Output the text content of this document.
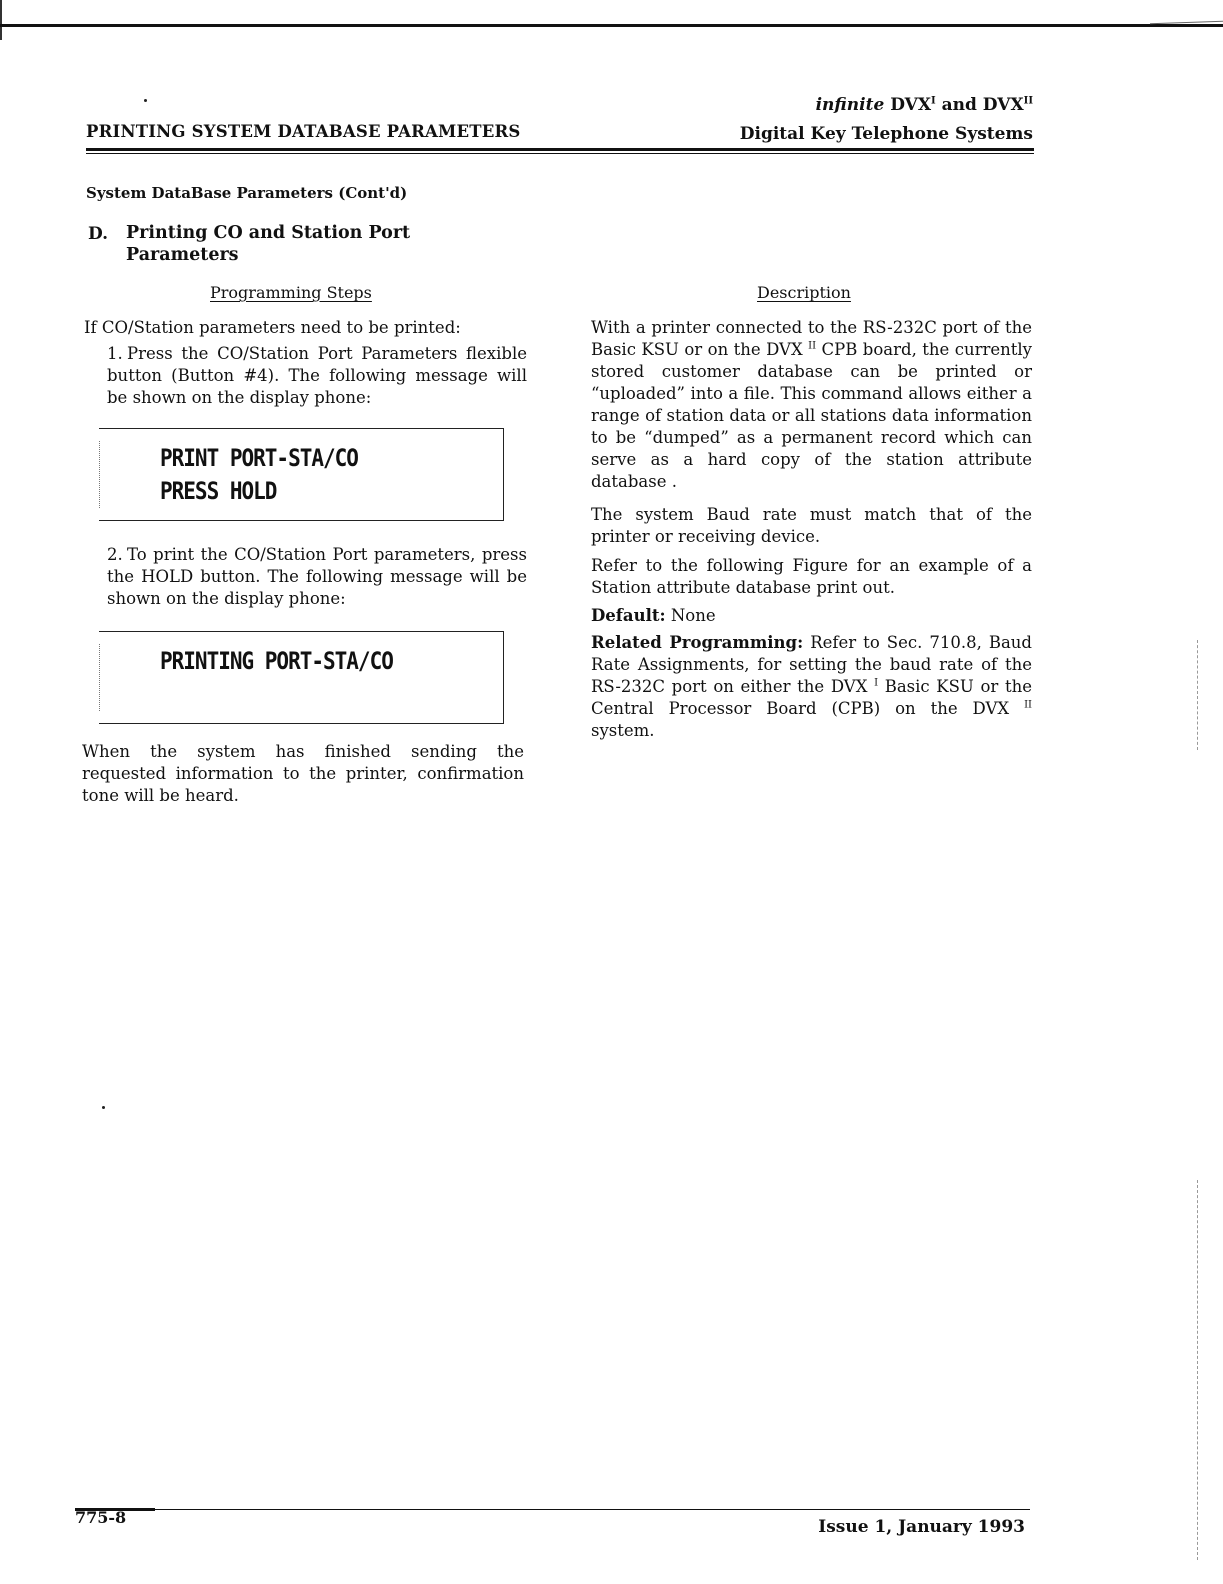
PRINTING SYSTEM DATABASE PARAMETERS
infinite $DVX^I$ and $DVX^{II}$
Digital Key Telephone Systems
System DataBase Parameters (Cont'd)
D. Printing CO and Station Port Parameters
Programming Steps	Description
If CO/Station parameters need to be printed:
1. Press the CO/Station Port Parameters flexible button (Button #4). The following message will be shown on the display phone:
PRINT PORT-STA/CO
PRESS HOLD
2. To print the CO/Station Port parameters, press the HOLD button. The following message will be shown on the display phone:
PRINTING PORT-STA/CO
When the system has finished sending the requested information to the printer, confirmation tone will be heard.
With a printer connected to the RS-232C port of the Basic KSU or on the DVX $^{II}$ CPB board, the currently stored customer database can be printed or “uploaded” into a file. This command allows either a range of station data or all stations data information to be “dumped” as a permanent record which can serve as a hard copy of the station attribute database .
The system Baud rate must match that of the printer or receiving device.
Refer to the following Figure for an example of a Station attribute database print out.
Default: None
Related Programming: Refer to Sec. 710.8, Baud Rate Assignments, for setting the baud rate of the RS-232C port on either the DVX $^I$ Basic KSU or the Central Processor Board (CPB) on the DVX $^{II}$ system.
775-8	Issue 1, January 1993
